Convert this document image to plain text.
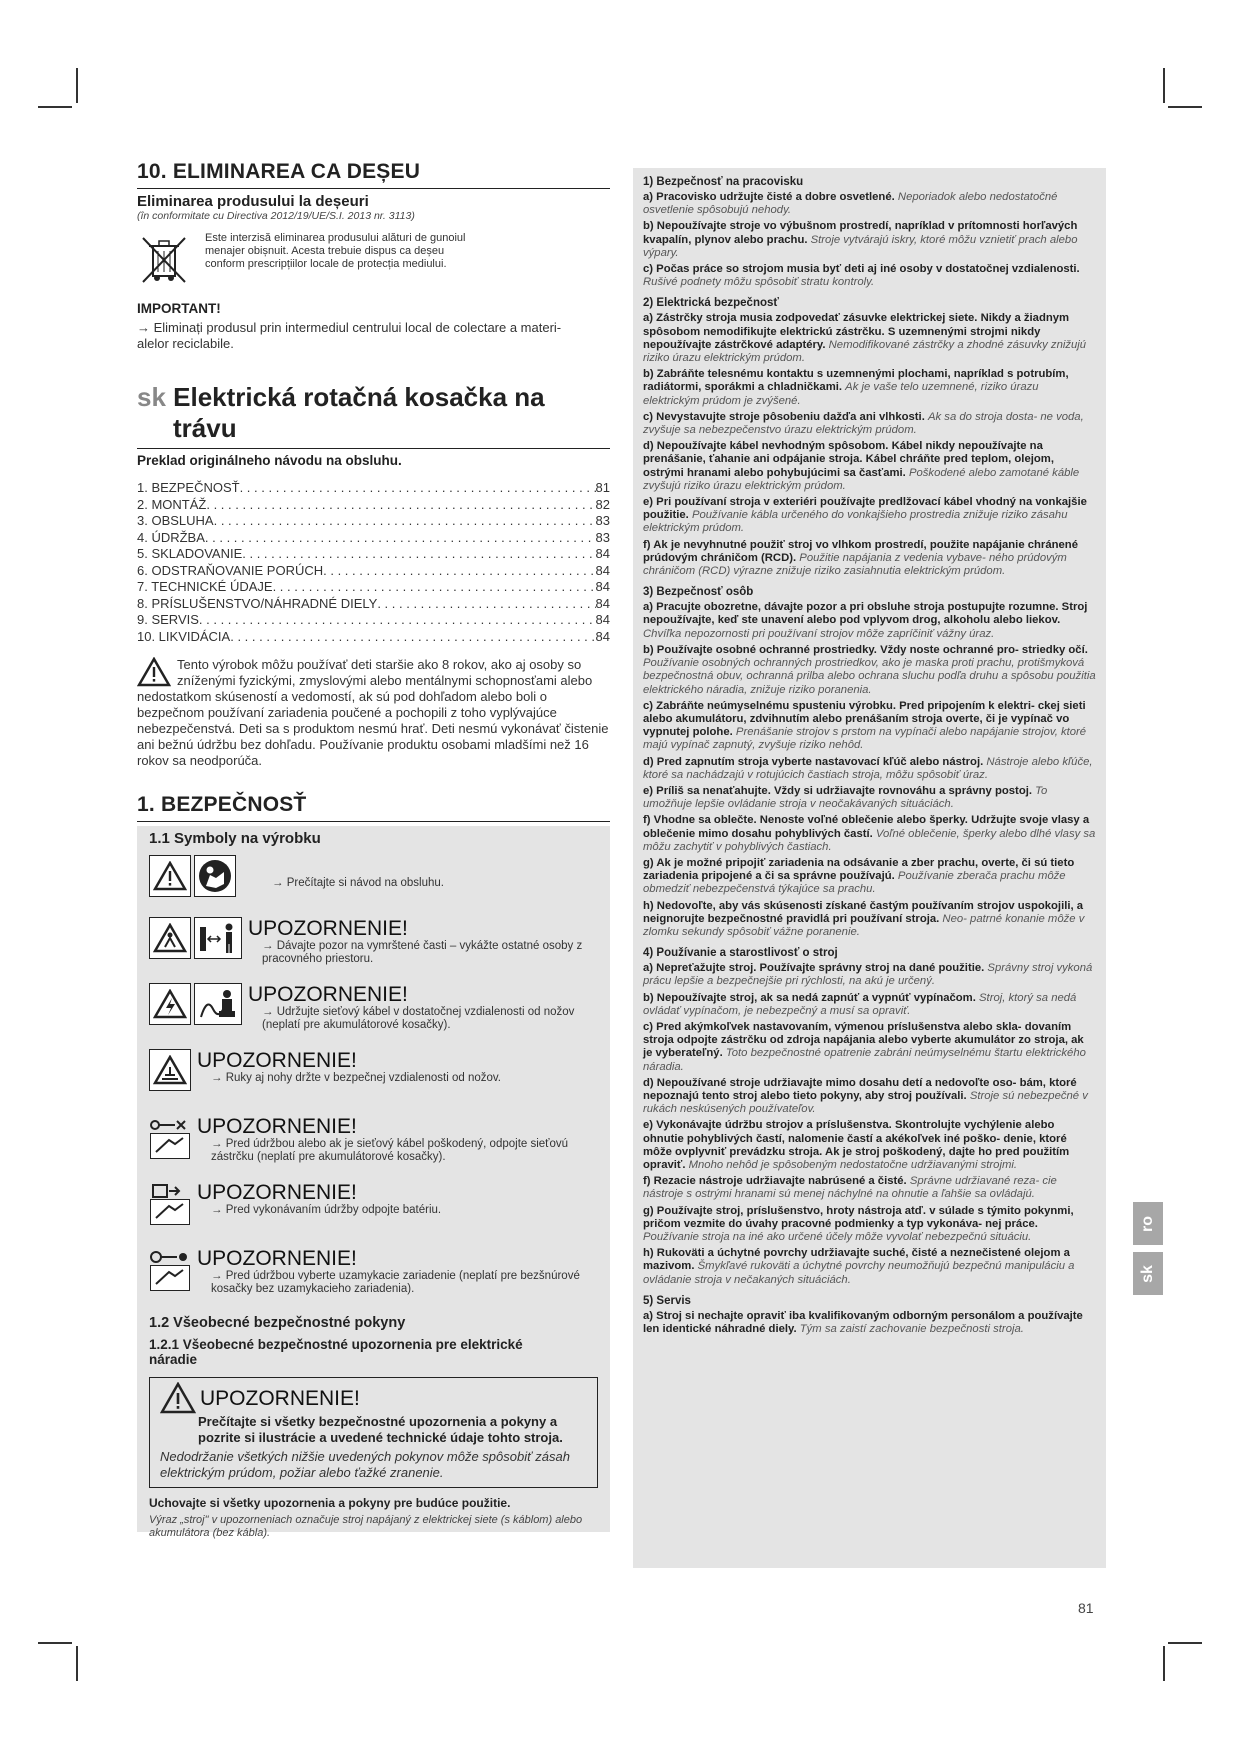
10. ELIMINAREA CA DEȘEU
Eliminarea produsului la deșeuri
(în conformitate cu Directiva 2012/19/UE/S.I. 2013 nr. 3113)
Este interzisă eliminarea produsului alături de gunoiul menajer obișnuit. Acesta trebuie dispus ca deșeu conform prescripțiilor locale de protecția mediului.
IMPORTANT!
→ Eliminați produsul prin intermediul centrului local de colectare a materi- alelor reciclabile.
sk Elektrická rotačná kosačka na
trávu
Preklad originálneho návodu na obsluhu.
1. BEZPEČNOSŤ . . .	81
2. MONTÁŽ . . .	82
3. OBSLUHA . . .	83
4. ÚDRŽBA . . .	83
5. SKLADOVANIE . . .	84
6. ODSTRAŇOVANIE PORÚCH . . .	84
7. TECHNICKÉ ÚDAJE . . .	84
8. PRÍSLUŠENSTVO/NÁHRADNÉ DIELY . . .	84
9. SERVIS . . .	84
10. LIKVIDÁCIA . . .	84
Tento výrobok môžu používať deti staršie ako 8 rokov, ako aj osoby so zníženými fyzickými, zmyslovými alebo mentálnymi schopnosťami alebo nedostatkom skúseností a vedomostí, ak sú pod dohľadom alebo boli o bezpečnom používaní zariadenia poučené a pochopili z toho vyplývajúce nebezpečenstvá. Deti sa s produktom nesmú hrať. Deti nesmú vykonávať čistenie ani bežnú údržbu bez dohľadu. Používanie produktu osobami mladšími než 16 rokov sa neodporúča.
1. BEZPEČNOSŤ
1.1 Symboly na výrobku
→ Prečítajte si návod na obsluhu.
UPOZORNENIE!
→ Dávajte pozor na vymrštené časti – vykážte ostatné osoby z pracovného priestoru.
UPOZORNENIE!
→ Udržujte sieťový kábel v dostatočnej vzdialenosti od nožov (neplatí pre akumulátorové kosačky).
UPOZORNENIE!
→ Ruky aj nohy držte v bezpečnej vzdialenosti od nožov.
UPOZORNENIE!
→ Pred údržbou alebo ak je sieťový kábel poškodený, odpojte sieťovú zástrčku (neplatí pre akumulátorové kosačky).
UPOZORNENIE!
→ Pred vykonávaním údržby odpojte batériu.
UPOZORNENIE!
→ Pred údržbou vyberte uzamykacie zariadenie (neplatí pre bezšnúrové kosačky bez uzamykacieho zariadenia).
1.2 Všeobecné bezpečnostné pokyny
1.2.1 Všeobecné bezpečnostné upozornenia pre elektrické náradie
UPOZORNENIE!
Prečítajte si všetky bezpečnostné upozornenia a pokyny a pozrite si ilustrácie a uvedené technické údaje tohto stroja.
Nedodržanie všetkých nižšie uvedených pokynov môže spôsobiť zásah elektrickým prúdom, požiar alebo ťažké zranenie.
Uchovajte si všetky upozornenia a pokyny pre budúce použitie.
Výraz „stroj" v upozorneniach označuje stroj napájaný z elektrickej siete (s káblom) alebo akumulátora (bez kábla).
1) Bezpečnosť na pracovisku
a) Pracovisko udržujte čisté a dobre osvetlené. Neporiadok alebo nedostatočné osvetlenie spôsobujú nehody.
b) Nepoužívajte stroje vo výbušnom prostredí, napríklad v prítomnosti horľavých kvapalín, plynov alebo prachu. Stroje vytvárajú iskry, ktoré môžu vznietiť prach alebo výpary.
c) Počas práce so strojom musia byť deti aj iné osoby v dostatočnej vzdialenosti. Rušivé podnety môžu spôsobiť stratu kontroly.
2) Elektrická bezpečnosť
a) Zástrčky stroja musia zodpovedať zásuvke elektrickej siete. Nikdy a žiadnym spôsobom nemodifikujte elektrickú zástrčku. S uzemnenými strojmi nikdy nepoužívajte zástrčkové adaptéry. Nemodifikované zástrčky a zhodné zásuvky znižujú riziko úrazu elektrickým prúdom.
b) Zabráňte telesnému kontaktu s uzemnenými plochami, napríklad s potrubím, radiátormi, sporákmi a chladničkami. Ak je vaše telo uzemnené, riziko úrazu elektrickým prúdom je zvýšené.
c) Nevystavujte stroje pôsobeniu dažďa ani vlhkosti. Ak sa do stroja dosta- ne voda, zvyšuje sa nebezpečenstvo úrazu elektrickým prúdom.
d) Nepoužívajte kábel nevhodným spôsobom. Kábel nikdy nepoužívajte na prenášanie, ťahanie ani odpájanie stroja. Kábel chráňte pred teplom, olejom, ostrými hranami alebo pohybujúcimi sa časťami. Poškodené alebo zamotané káble zvyšujú riziko úrazu elektrickým prúdom.
e) Pri používaní stroja v exteriéri používajte predlžovací kábel vhodný na vonkajšie použitie. Používanie kábla určeného do vonkajšieho prostredia znižuje riziko zásahu elektrickým prúdom.
f) Ak je nevyhnutné použiť stroj vo vlhkom prostredí, použite napájanie chránené prúdovým chráničom (RCD). Použitie napájania z vedenia vybave- ného prúdovým chráničom (RCD) výrazne znižuje riziko zasiahnutia elektrickým prúdom.
3) Bezpečnosť osôb
a) Pracujte obozretne, dávajte pozor a pri obsluhe stroja postupujte rozumne. Stroj nepoužívajte, keď ste unavení alebo pod vplyvom drog, alkoholu alebo liekov. Chvíľka nepozornosti pri používaní strojov môže zapríčiniť vážny úraz.
b) Používajte osobné ochranné prostriedky. Vždy noste ochranné pro- striedky očí. Používanie osobných ochranných prostriedkov, ako je maska proti prachu, protišmyková bezpečnostná obuv, ochranná prilba alebo ochrana sluchu podľa druhu a spôsobu použitia elektrického náradia, znižuje riziko poranenia.
c) Zabráňte neúmyselnému spusteniu výrobku. Pred pripojením k elektri- ckej sieti alebo akumulátoru, zdvihnutím alebo prenášaním stroja overte, či je vypínač vo vypnutej polohe. Prenášanie strojov s prstom na vypínači alebo napájanie strojov, ktoré majú vypínač zapnutý, zvyšuje riziko nehôd.
d) Pred zapnutím stroja vyberte nastavovací kľúč alebo nástroj. Nástroje alebo kľúče, ktoré sa nachádzajú v rotujúcich častiach stroja, môžu spôsobiť úraz.
e) Príliš sa nenaťahujte. Vždy si udržiavajte rovnováhu a správny postoj. To umožňuje lepšie ovládanie stroja v neočakávaných situáciách.
f) Vhodne sa oblečte. Nenoste voľné oblečenie alebo šperky. Udržujte svoje vlasy a oblečenie mimo dosahu pohyblivých častí. Voľné oblečenie, šperky alebo dlhé vlasy sa môžu zachytiť v pohyblivých častiach.
g) Ak je možné pripojiť zariadenia na odsávanie a zber prachu, overte, či sú tieto zariadenia pripojené a či sa správne používajú. Používanie zberača prachu môže obmedziť nebezpečenstvá týkajúce sa prachu.
h) Nedovoľte, aby vás skúsenosti získané častým používaním strojov uspokojili, a neignorujte bezpečnostné pravidlá pri používaní stroja. Neo- patrné konanie môže v zlomku sekundy spôsobiť vážne poranenie.
4) Používanie a starostlivosť o stroj
a) Nepreťažujte stroj. Používajte správny stroj na dané použitie. Správny stroj vykoná prácu lepšie a bezpečnejšie pri rýchlosti, na akú je určený.
b) Nepoužívajte stroj, ak sa nedá zapnúť a vypnúť vypínačom. Stroj, ktorý sa nedá ovládať vypínačom, je nebezpečný a musí sa opraviť.
c) Pred akýmkoľvek nastavovaním, výmenou príslušenstva alebo skla- dovaním stroja odpojte zástrčku od zdroja napájania alebo vyberte akumulátor zo stroja, ak je vyberateľný. Toto bezpečnostné opatrenie zabráni neúmyselnému štartu elektrického náradia.
d) Nepoužívané stroje udržiavajte mimo dosahu detí a nedovoľte oso- bám, ktoré nepoznajú tento stroj alebo tieto pokyny, aby stroj používali. Stroje sú nebezpečné v rukách neskúsených používateľov.
e) Vykonávajte údržbu strojov a príslušenstva. Skontrolujte vychýlenie alebo ohnutie pohyblivých častí, nalomenie častí a akékoľvek iné poško- denie, ktoré môže ovplyvniť prevádzku stroja. Ak je stroj poškodený, dajte ho pred použitím opraviť. Mnoho nehôd je spôsobeným nedostatočne udržiavanými strojmi.
f) Rezacie nástroje udržiavajte nabrúsené a čisté. Správne udržiavané reza- cie nástroje s ostrými hranami sú menej náchylné na ohnutie a ľahšie sa ovládajú.
g) Používajte stroj, príslušenstvo, hroty nástroja atď. v súlade s týmito pokynmi, pričom vezmite do úvahy pracovné podmienky a typ vykonáva- nej práce. Používanie stroja na iné ako určené účely môže vyvolať nebezpečnú situáciu.
h) Rukoväti a úchytné povrchy udržiavajte suché, čisté a neznečistené olejom a mazivom. Šmykľavé rukoväti a úchytné povrchy neumožňujú bezpečnú manipuláciu a ovládanie stroja v nečakaných situáciách.
5) Servis
a) Stroj si nechajte opraviť iba kvalifikovaným odborným personálom a používajte len identické náhradné diely. Tým sa zaistí zachovanie bezpečnosti stroja.
ro
sk
81
